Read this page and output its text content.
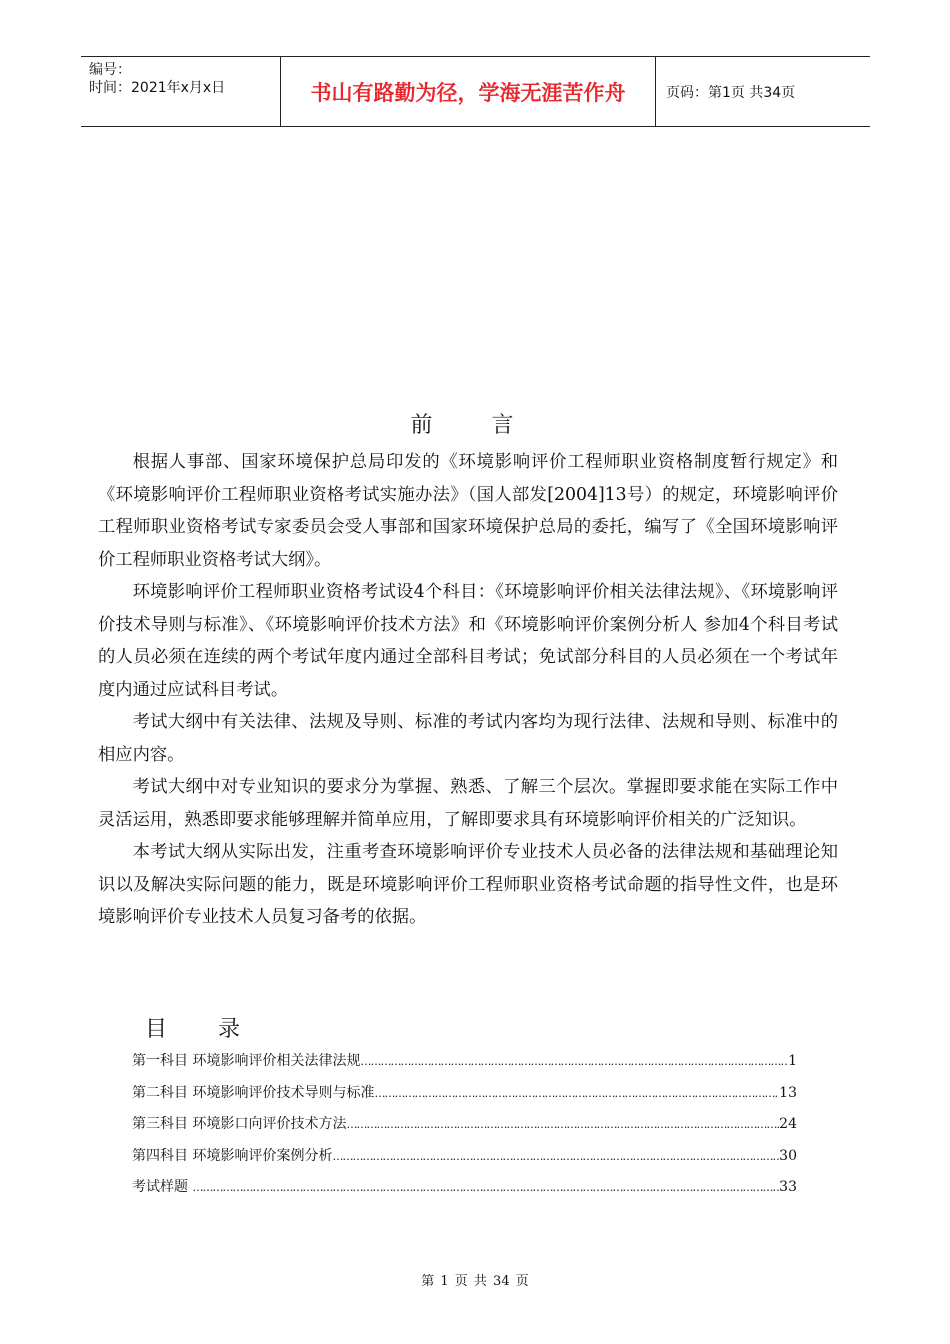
编号：
时间：2021年x月x日	书山有路勤为径，学海无涯苦作舟	页码：第1页 共34页
前 言

根据人事部、国家环境保护总局印发的《环境影响评价工程师职业资格制度暂行规定》和《环境影响评价工程师职业资格考试实施办法》（国人部发[2004]13号）的规定，环境影响评价工程师职业资格考试专家委员会受人事部和国家环境保护总局的委托，编写了《全国环境影响评价工程师职业资格考试大纲》。

环境影响评价工程师职业资格考试设4个科目：《环境影响评价相关法律法规》、《环境影响评价技术导则与标准》、《环境影响评价技术方法》和《环境影响评价案例分析人 参加4个科目考试的人员必须在连续的两个考试年度内通过全部科目考试；免试部分科目的人员必须在一个考试年度内通过应试科目考试。

考试大纲中有关法律、法规及导则、标准的考试内客均为现行法律、法规和导则、标准中的相应内容。

考试大纲中对专业知识的要求分为掌握、熟悉、了解三个层次。掌握即要求能在实际工作中灵活运用，熟悉即要求能够理解并简单应用，了解即要求具有环境影响评价相关的广泛知识。

本考试大纲从实际出发，注重考查环境影响评价专业技术人员必备的法律法规和基础理论知识以及解决实际问题的能力，既是环境影响评价工程师职业资格考试命题的指导性文件，也是环境影响评价专业技术人员复习备考的依据。

目 录
第一科目 环境影响评价相关法律法规 …………………………………………………………………………………………………………………………………………………………………………	1
第二科目 环境影响评价技术导则与标准 …………………………………………………………………………………………………………………………………………………………………………	13
第三科目 环境影口向评价技术方法 …………………………………………………………………………………………………………………………………………………………………………	24
第四科目 环境影响评价案例分析 …………………………………………………………………………………………………………………………………………………………………………	30
考试样题 …………………………………………………………………………………………………………………………………………………………………………	33
第 1 页 共 34 页
